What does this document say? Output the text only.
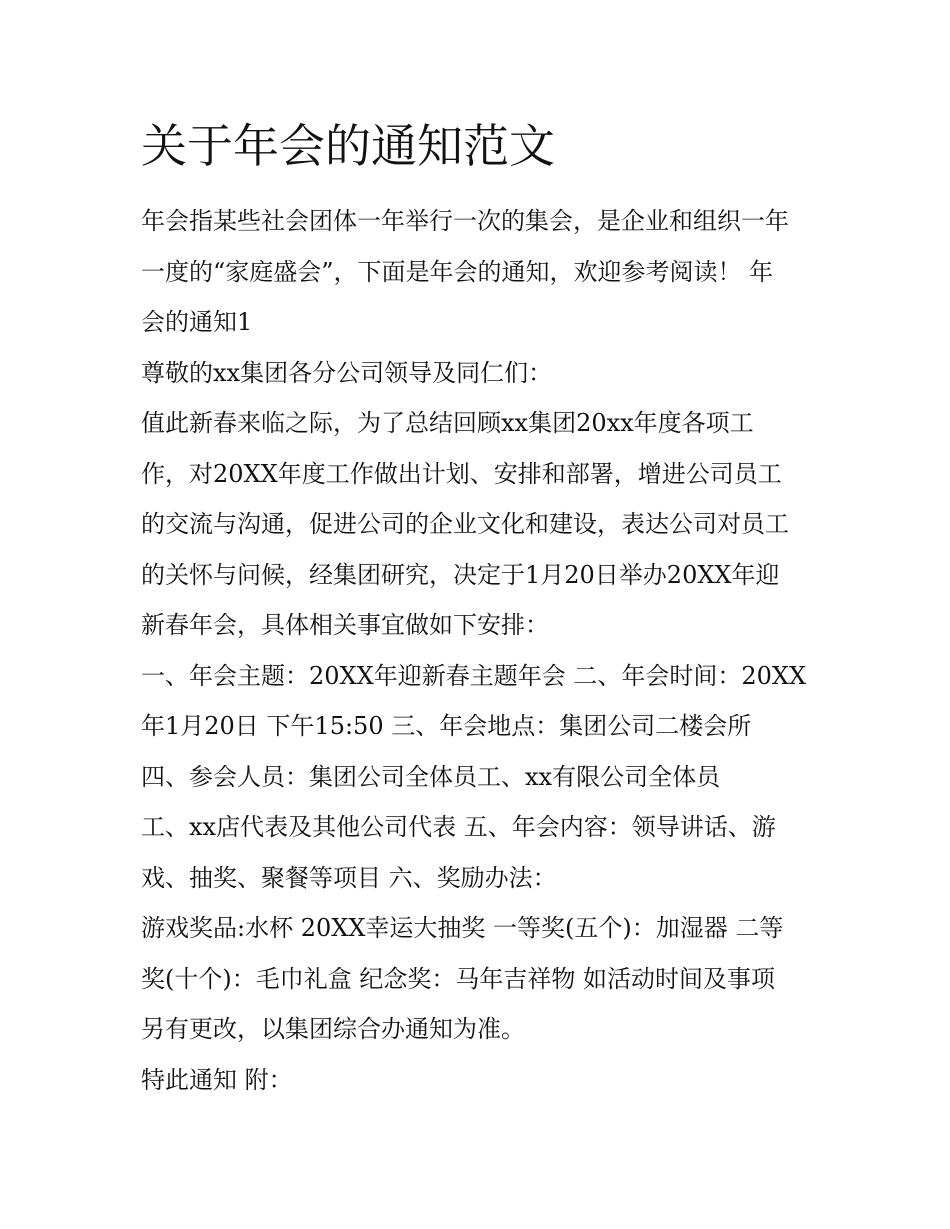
关于年会的通知范文

年会指某些社会团体一年举行一次的集会，是企业和组织一年
一度的“家庭盛会”，下面是年会的通知，欢迎参考阅读！ 年
会的通知1

尊敬的xx集团各分公司领导及同仁们：

值此新春来临之际，为了总结回顾xx集团20xx年度各项工
作，对20XX年度工作做出计划、安排和部署，增进公司员工
的交流与沟通，促进公司的企业文化和建设，表达公司对员工
的关怀与问候，经集团研究，决定于1月20日举办20XX年迎
新春年会，具体相关事宜做如下安排：

一、年会主题：20XX年迎新春主题年会 二、年会时间：20XX
年1月20日 下午15:50 三、年会地点：集团公司二楼会所
四、参会人员：集团公司全体员工、xx有限公司全体员
工、xx店代表及其他公司代表 五、年会内容：领导讲话、游
戏、抽奖、聚餐等项目 六、奖励办法：

游戏奖品:水杯 20XX幸运大抽奖 一等奖(五个)：加湿器 二等
奖(十个)：毛巾礼盒 纪念奖：马年吉祥物 如活动时间及事项
另有更改，以集团综合办通知为准。

特此通知 附：
